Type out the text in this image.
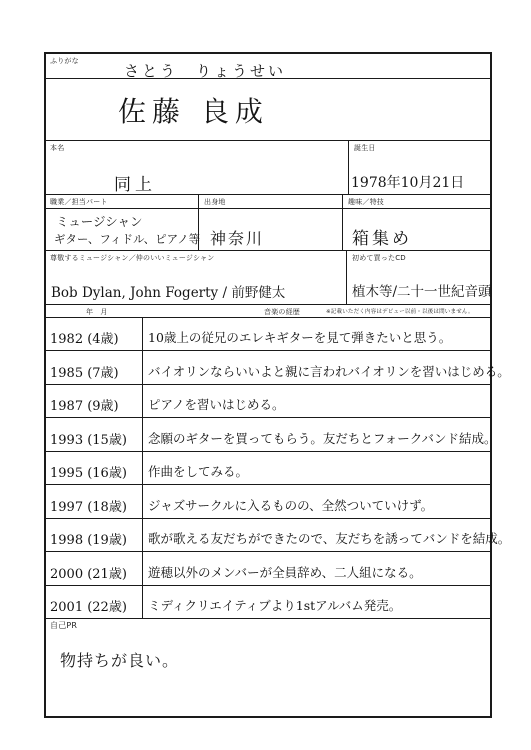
ふりがな
さとう　りょうせい
佐藤 良成
本名	誕生日
同上	1978年10月21日
職業／担当パート	出身地	趣味／特技
ミュージシャン
ギター、フィドル、ピアノ等 神奈川	箱集め
尊敬するミュージシャン／仲のいいミュージシャン	初めて買ったCD
Bob Dylan, John Fogerty / 前野健太	植木等/二十一世紀音頭
年　月	音楽の経歴	※記載いただく内容はデビュー以前・以後は問いません。
1982 (4歳) 10歳上の従兄のエレキギターを見て弾きたいと思う。
1985 (7歳) バイオリンならいいよと親に言われバイオリンを習いはじめる。
1987 (9歳) ピアノを習いはじめる。
1993 (15歳) 念願のギターを買ってもらう。友だちとフォークバンド結成。
1995 (16歳) 作曲をしてみる。
1997 (18歳) ジャズサークルに入るものの、全然ついていけず。
1998 (19歳) 歌が歌える友だちができたので、友だちを誘ってバンドを結成。
2000 (21歳) 遊穂以外のメンバーが全員辞め、二人組になる。
2001 (22歳) ミディクリエイティブより1stアルバム発売。
自己PR
物持ちが良い。
